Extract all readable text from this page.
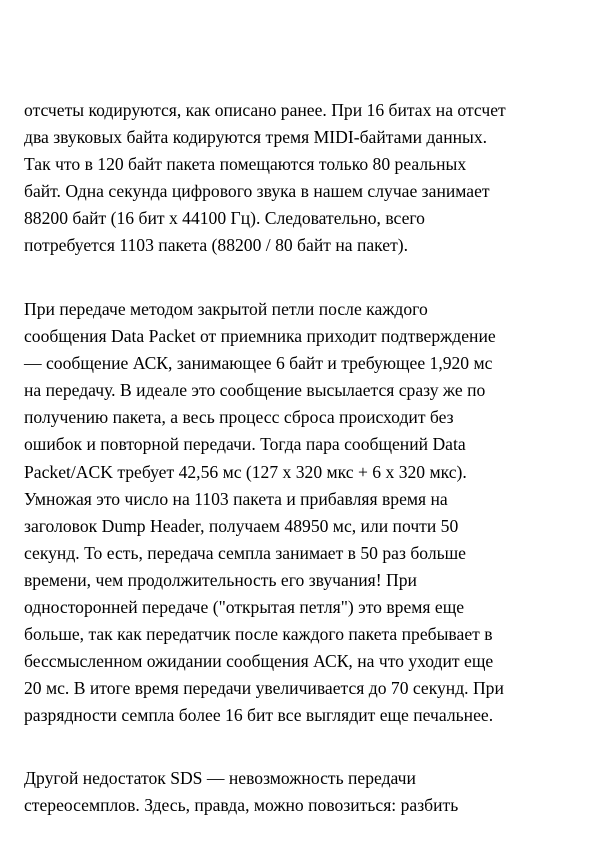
отсчеты кодируются, как описано ранее. При 16 битах на отсчет
два звуковых байта кодируются тремя MIDI-байтами данных.
Так что в 120 байт пакета помещаются только 80 реальных
байт. Одна секунда цифрового звука в нашем случае занимает
88200 байт (16 бит х 44100 Гц). Следовательно, всего
потребуется 1103 пакета (88200 / 80 байт на пакет).

При передаче методом закрытой петли после каждого
сообщения Data Packet от приемника приходит подтверждение
— сообщение АСК, занимающее 6 байт и требующее 1,920 мс
на передачу. В идеале это сообщение высылается сразу же по
получению пакета, а весь процесс сброса происходит без
ошибок и повторной передачи. Тогда пара сообщений Data
Packet/ACK требует 42,56 мс (127 х 320 мкс + 6 х 320 мкс).
Умножая это число на 1103 пакета и прибавляя время на
заголовок Dump Header, получаем 48950 мс, или почти 50
секунд. То есть, передача семпла занимает в 50 раз больше
времени, чем продолжительность его звучания! При
односторонней передаче ("открытая петля") это время еще
больше, так как передатчик после каждого пакета пребывает в
бессмысленном ожидании сообщения АСК, на что уходит еще
20 мс. В итоге время передачи увеличивается до 70 секунд. При
разрядности семпла более 16 бит все выглядит еще печальнее.

Другой недостаток SDS — невозможность передачи
стереосемплов. Здесь, правда, можно повозиться: разбить
